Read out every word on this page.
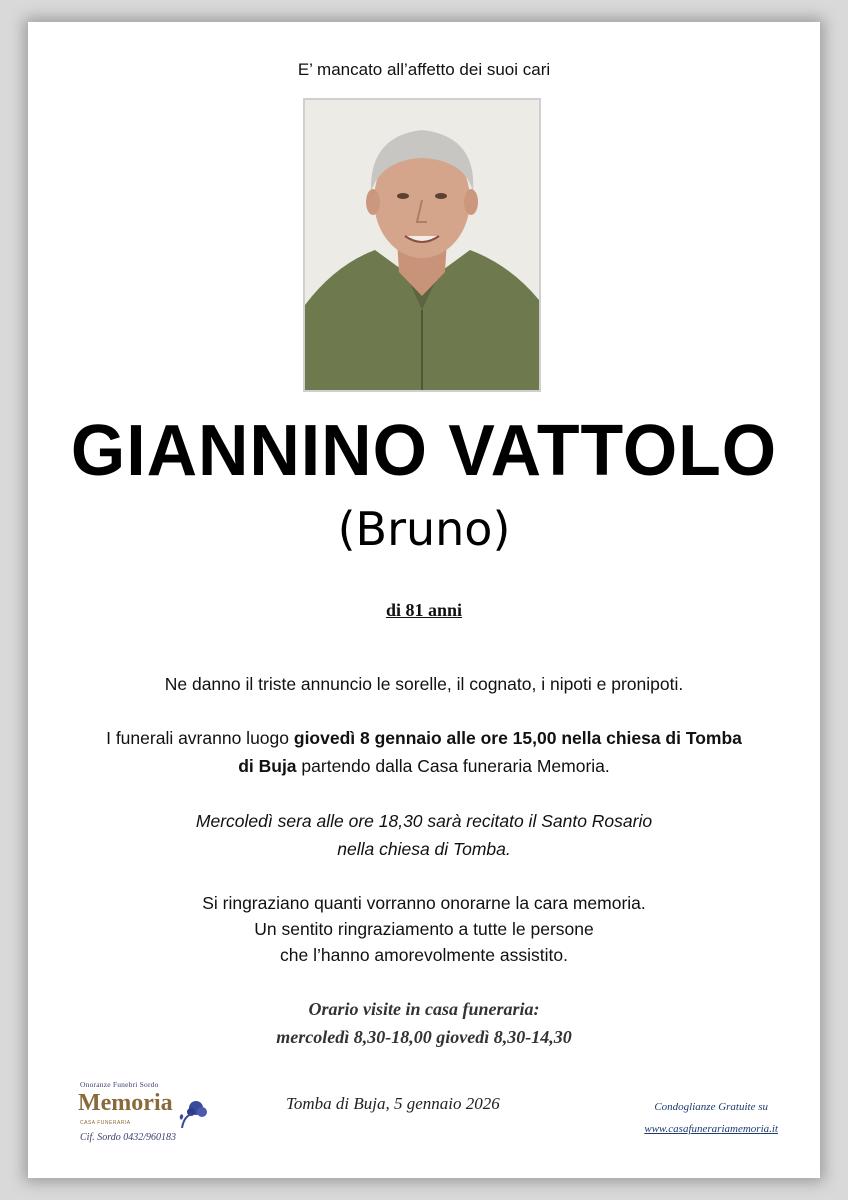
E’ mancato all’affetto dei suoi cari
GIANNINO VATTOLO
(Bruno)
di 81 anni
Ne danno il triste annuncio le sorelle, il cognato, i nipoti e pronipoti.
I funerali avranno luogo giovedì 8 gennaio alle ore 15,00 nella chiesa di Tomba
di Buja partendo dalla Casa funeraria Memoria.
Mercoledì sera alle ore 18,30 sarà recitato il Santo Rosario
nella chiesa di Tomba.
Si ringraziano quanti vorranno onorarne la cara memoria.
Un sentito ringraziamento a tutte le persone
che l’hanno amorevolmente assistito.
Orario visite in casa funeraria:
mercoledì 8,30-18,00 giovedì 8,30-14,30
Onoranze Funebri Sordo
Memoria
CASA FUNERARIA
Cif. Sordo 0432/960183
Tomba di Buja, 5 gennaio 2026	Condoglianze Gratuite su
www.casafunerariamemoria.it
